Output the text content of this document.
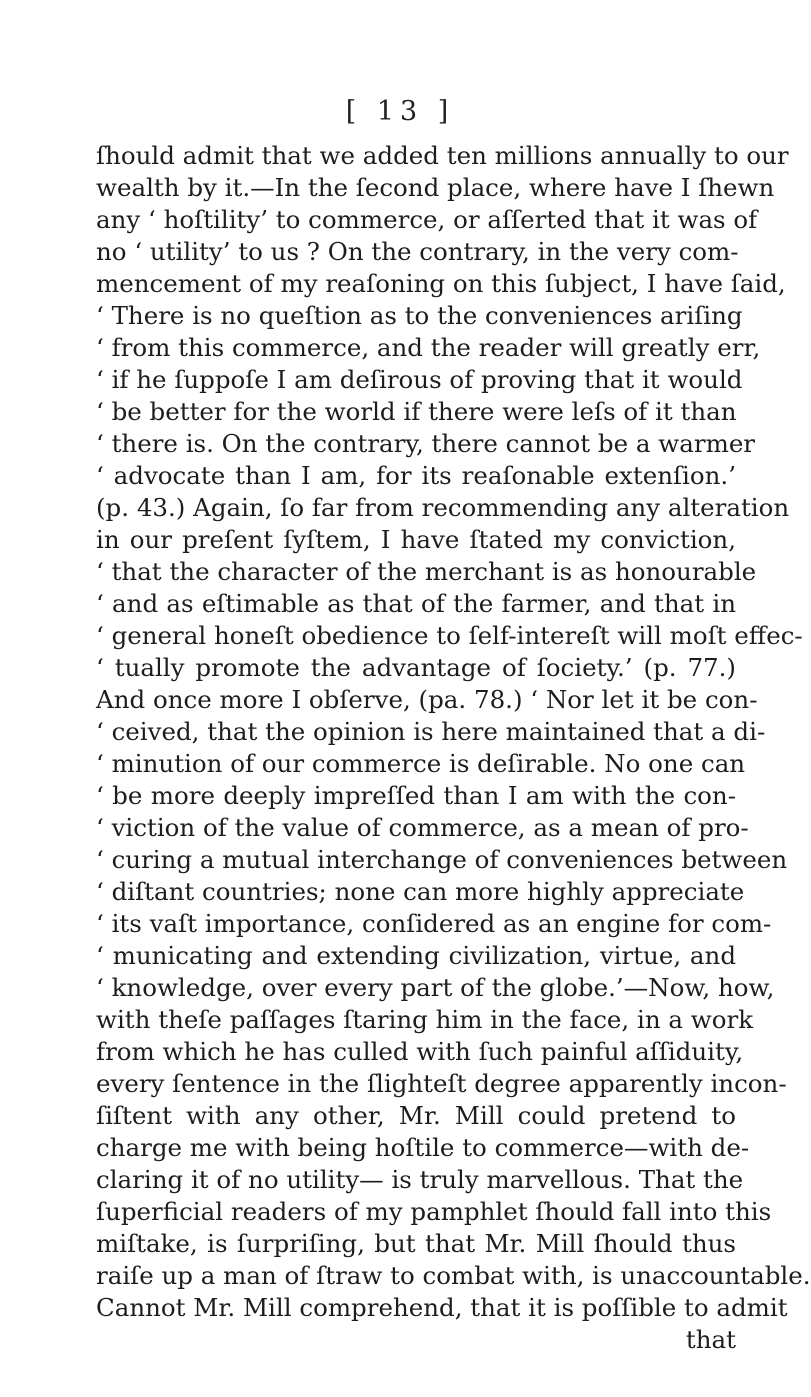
[ 13 ]
ſhould admit that we added ten millions annually to our
wealth by it.—In the ſecond place, where have I ſhewn
any ‘ hoſtility’ to commerce, or aſſerted that it was of
no ‘ utility’ to us ? On the contrary, in the very com-
mencement of my reaſoning on this ſubject, I have ſaid,
‘ There is no queſtion as to the conveniences ariſing
‘ from this commerce, and the reader will greatly err,
‘ if he ſuppoſe I am deſirous of proving that it would
‘ be better for the world if there were leſs of it than
‘ there is. On the contrary, there cannot be a warmer
‘ advocate than I am, for its reaſonable extenſion.’
(p. 43.) Again, ſo far from recommending any alteration
in our preſent ſyſtem, I have ſtated my conviction,
‘ that the character of the merchant is as honourable
‘ and as eſtimable as that of the farmer, and that in
‘ general honeſt obedience to ſelf-intereſt will moſt effec-
‘ tually promote the advantage of ſociety.’ (p. 77.)
And once more I obſerve, (pa. 78.) ‘ Nor let it be con-
‘ ceived, that the opinion is here maintained that a di-
‘ minution of our commerce is deſirable. No one can
‘ be more deeply impreſſed than I am with the con-
‘ viction of the value of commerce, as a mean of pro-
‘ curing a mutual interchange of conveniences between
‘ diſtant countries; none can more highly appreciate
‘ its vaſt importance, conſidered as an engine for com-
‘ municating and extending civilization, virtue, and
‘ knowledge, over every part of the globe.’—Now, how,
with theſe paſſages ſtaring him in the face, in a work
from which he has culled with ſuch painful aſſiduity,
every ſentence in the ſlighteſt degree apparently incon-
ſiſtent with any other, Mr. Mill could pretend to
charge me with being hoſtile to commerce—with de-
claring it of no utility— is truly marvellous. That the
ſuperficial readers of my pamphlet ſhould fall into this
miſtake, is ſurpriſing, but that Mr. Mill ſhould thus
raiſe up a man of ſtraw to combat with, is unaccountable.
Cannot Mr. Mill comprehend, that it is poſſible to admit
that
